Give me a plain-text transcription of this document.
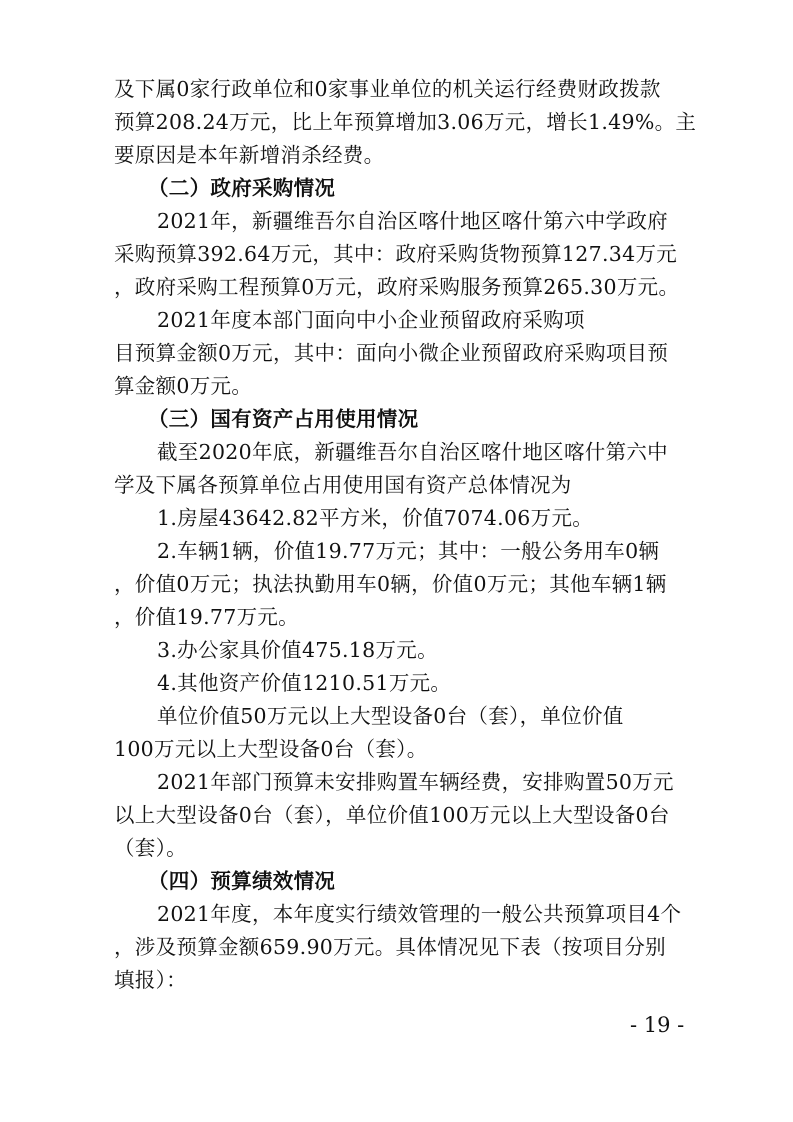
及下属0家行政单位和0家事业单位的机关运行经费财政拨款
预算208.24万元，比上年预算增加3.06万元，增长1.49%。主
要原因是本年新增消杀经费。
（二）政府采购情况
2021年，新疆维吾尔自治区喀什地区喀什第六中学政府
采购预算392.64万元，其中：政府采购货物预算127.34万元
，政府采购工程预算0万元，政府采购服务预算265.30万元。
2021年度本部门面向中小企业预留政府采购项
目预算金额0万元，其中：面向小微企业预留政府采购项目预
算金额0万元。
（三）国有资产占用使用情况
截至2020年底，新疆维吾尔自治区喀什地区喀什第六中
学及下属各预算单位占用使用国有资产总体情况为
1.房屋43642.82平方米，价值7074.06万元。
2.车辆1辆，价值19.77万元；其中：一般公务用车0辆
，价值0万元；执法执勤用车0辆，价值0万元；其他车辆1辆
，价值19.77万元。
3.办公家具价值475.18万元。
4.其他资产价值1210.51万元。
单位价值50万元以上大型设备0台（套），单位价值
100万元以上大型设备0台（套）。
2021年部门预算未安排购置车辆经费，安排购置50万元
以上大型设备0台（套），单位价值100万元以上大型设备0台
（套）。
（四）预算绩效情况
2021年度，本年度实行绩效管理的一般公共预算项目4个
，涉及预算金额659.90万元。具体情况见下表（按项目分别
填报）：
- 19 -
